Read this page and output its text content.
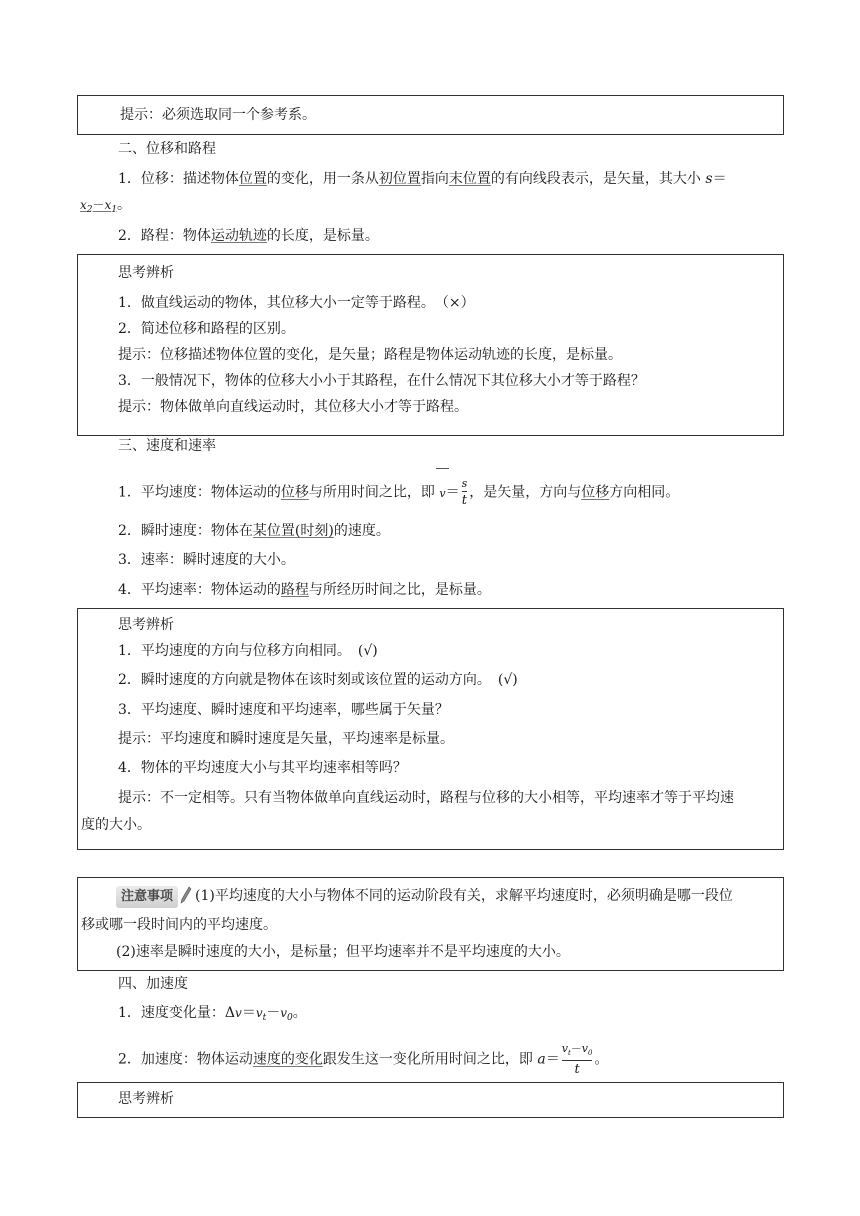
提示：必须选取同一个参考系。
二、位移和路程
1．位移：描述物体位置的变化，用一条从初位置指向末位置的有向线段表示，是矢量，其大小 s＝
$x_2-x_1$。
2．路程：物体运动轨迹的长度，是标量。
思考辨析
1．做直线运动的物体，其位移大小一定等于路程。　（×）
2．简述位移和路程的区别。
提示：位移描述物体位置的变化，是矢量；路程是物体运动轨迹的长度，是标量。
3．一般情况下，物体的位移大小小于其路程，在什么情况下其位移大小才等于路程？
提示：物体做单向直线运动时，其位移大小才等于路程。
三、速度和速率
1．平均速度：物体运动的位移与所用时间之比，即 $v= \frac{s}{t}$ ，是矢量，方向与位移方向相同。
2．瞬时速度：物体在某位置(时刻)的速度。
3．速率：瞬时速度的大小。
4．平均速率：物体运动的路程与所经历时间之比，是标量。
思考辨析
1．平均速度的方向与位移方向相同。　(√)
2．瞬时速度的方向就是物体在该时刻或该位置的运动方向。　(√)
3．平均速度、瞬时速度和平均速率，哪些属于矢量？
提示：平均速度和瞬时速度是矢量，平均速率是标量。
4．物体的平均速度大小与其平均速率相等吗？
提示：不一定相等。只有当物体做单向直线运动时，路程与位移的大小相等，平均速率才等于平均速
度的大小。
注意事项 (1)平均速度的大小与物体不同的运动阶段有关，求解平均速度时，必须明确是哪一段位
移或哪一段时间内的平均速度。
(2)速率是瞬时速度的大小，是标量；但平均速率并不是平均速度的大小。
四、加速度
1．速度变化量：$\Delta v=v_t-v_0$。
2．加速度：物体运动速度的变化跟发生这一变化所用时间之比，即 $a= \frac{v_t-v_0}{t}$ 。
思考辨析
